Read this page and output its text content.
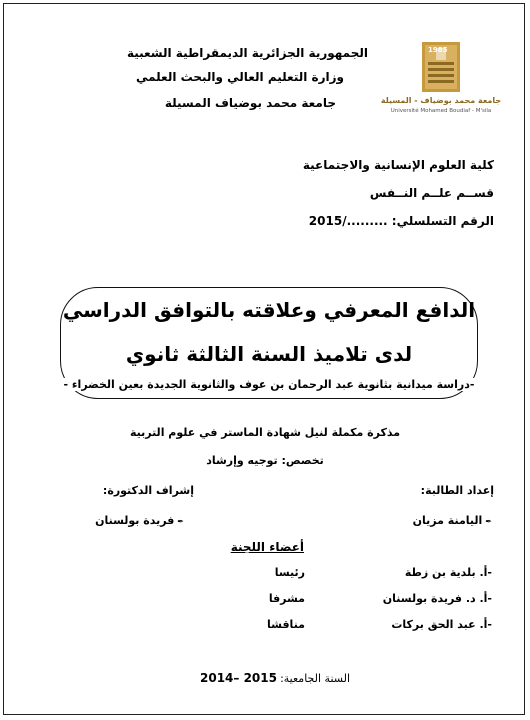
الجمهورية الجزائرية الديمقراطية الشعبية
وزارة التعليم العالي والبحث العلمي
جامعة محمد بوضياف المسيلة
1985
جامعة محمد بوضياف - المسيلة
Université Mohamed Boudiaf - M'sila
كلية العلوم الإنسانية والاجتماعية
قســم علــم النــفس
الرقم التسلسلي: ........./2015
الدافع المعرفي وعلاقته بالتوافق الدراسي
لدى تلاميذ السنة الثالثة ثانوي
-دراسة ميدانية بثانوية عبد الرحمان بن عوف والثانوية الجديدة بعين الخضراء -
مذكرة مكملة لنيل شهادة الماستر في علوم التربية
تخصص: توجيه وإرشاد
إعداد الطالبة:
إشراف الدكتورة:
✒اليامنة مزيان
✒فريدة بولسنان
أعضاء اللجنة
-أ. بلدية بن زطة
رئيسا
-أ. د. فريدة بولسنان
مشرفا
-أ. عبد الحق بركات
مناقشا
السنة الجامعية:
2014– 2015
